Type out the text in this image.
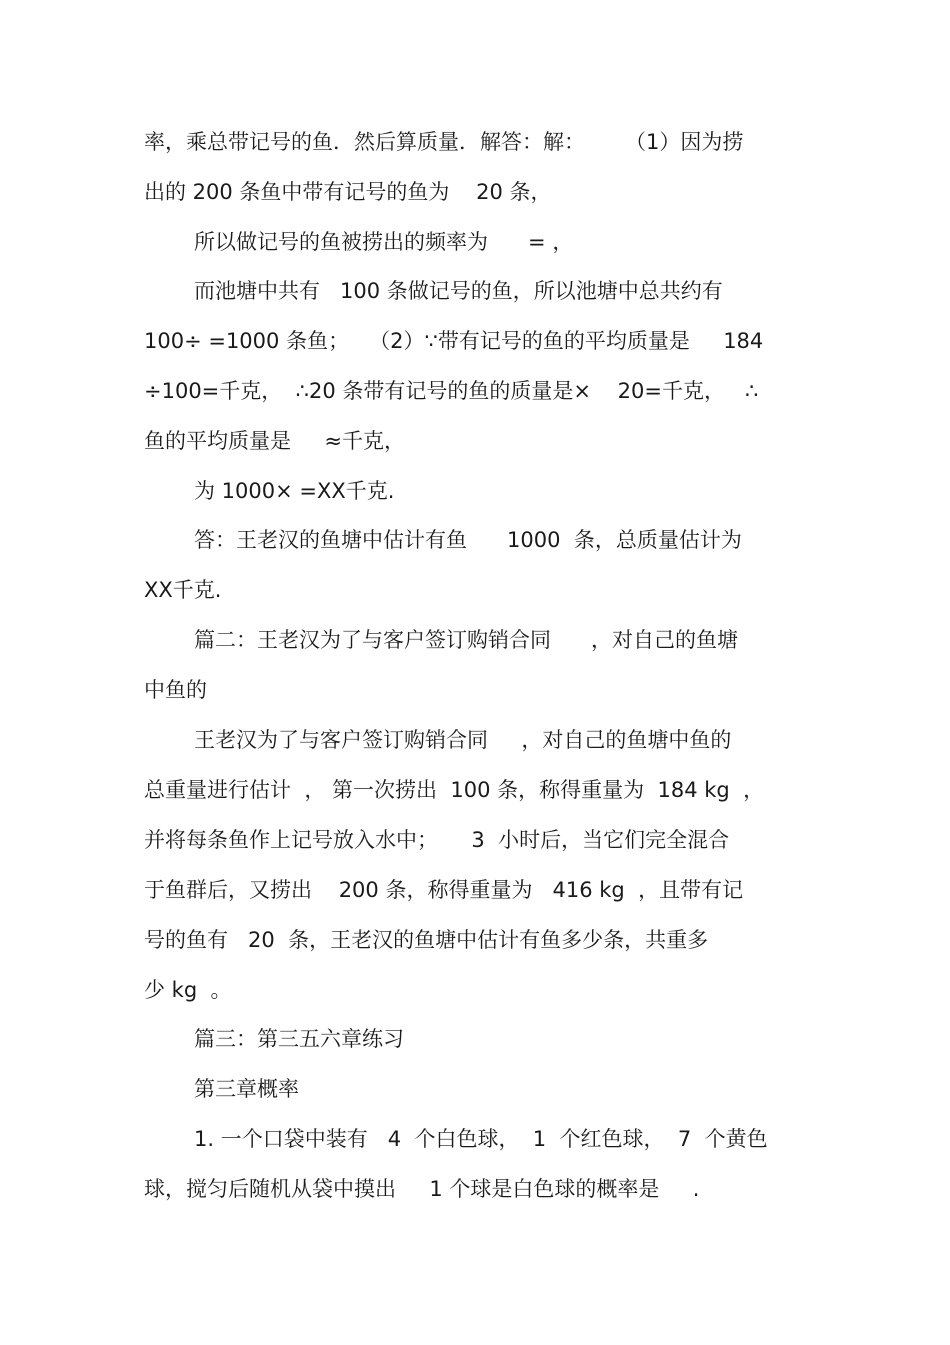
率，乘总带记号的鱼．然后算质量．解答：解：      （1）因为捞
出的 200 条鱼中带有记号的鱼为    20 条，
所以做记号的鱼被捞出的频率为      = ，
而池塘中共有   100 条做记号的鱼，所以池塘中总共约有
100÷ =1000 条鱼；   （2）∵带有记号的鱼的平均质量是     184
÷100=千克，  ∴20 条带有记号的鱼的质量是×    20=千克，   ∴
鱼的平均质量是     ≈千克，
为 1000× =XX千克.
答：王老汉的鱼塘中估计有鱼      1000  条，总质量估计为
XX千克.
篇二：王老汉为了与客户签订购销合同      ，对自己的鱼塘
中鱼的
王老汉为了与客户签订购销合同     ，对自己的鱼塘中鱼的
总重量进行估计  ， 第一次捞出  100 条，称得重量为  184 kg  ，
并将每条鱼作上记号放入水中；     3  小时后，当它们完全混合
于鱼群后，又捞出    200 条，称得重量为   416 kg  ，且带有记
号的鱼有   20  条，王老汉的鱼塘中估计有鱼多少条，共重多
少 kg  。
篇三：第三五六章练习
第三章概率
1. 一个口袋中装有   4  个白色球，  1  个红色球，  7  个黄色
球，搅匀后随机从袋中摸出     1 个球是白色球的概率是     .
